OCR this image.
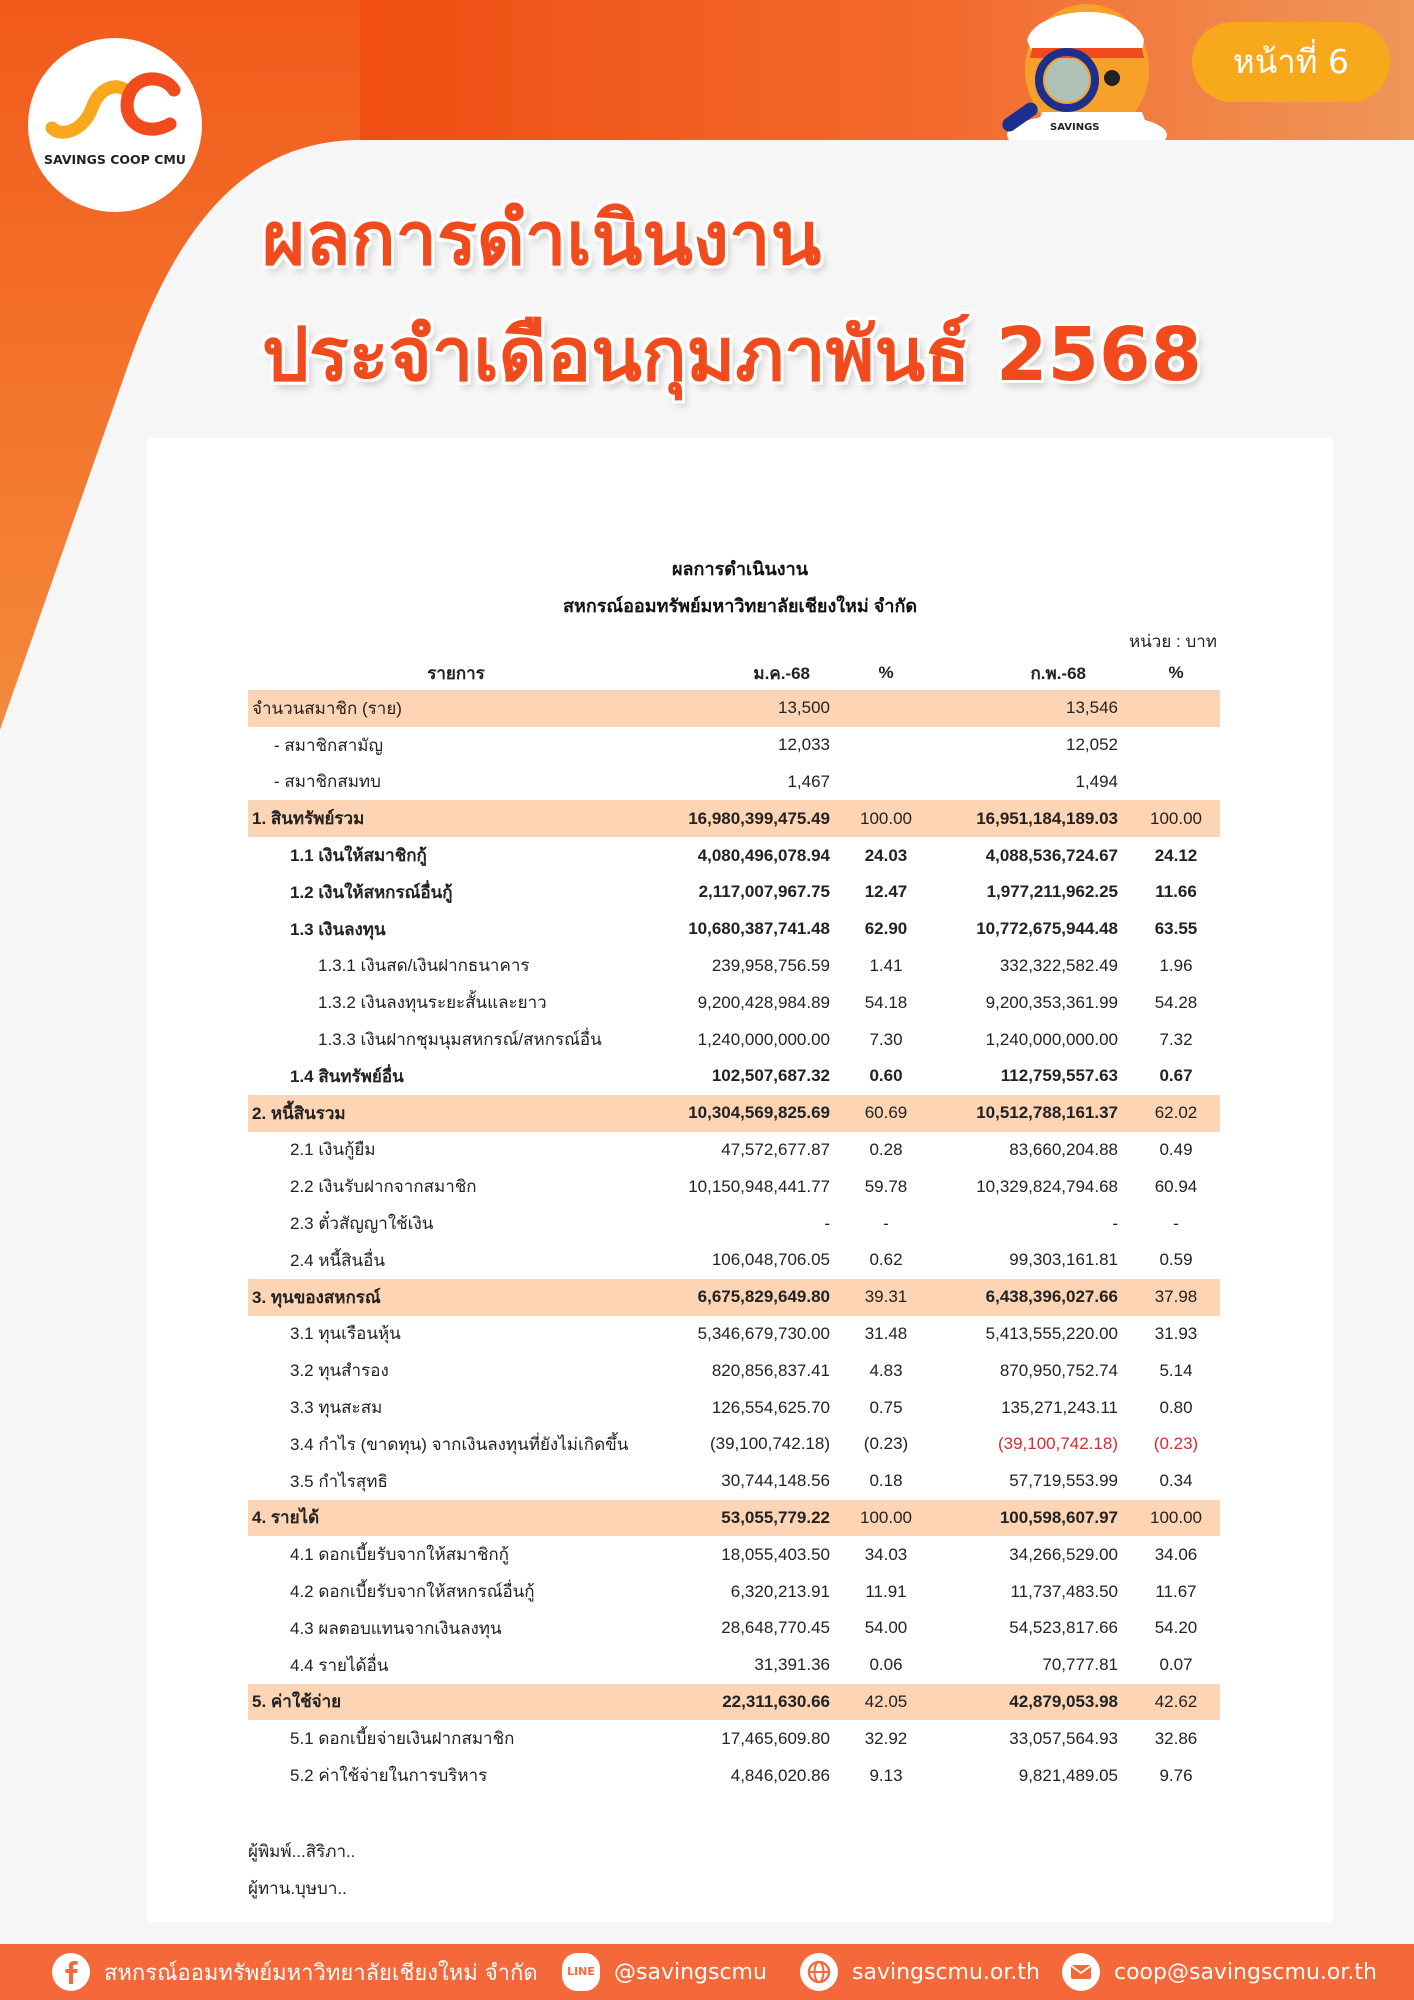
SAVINGS COOP CMU
SAVINGS
หน้าที่ 6
ผลการดำเนินงาน
ประจำเดือนกุมภาพันธ์ 2568
ผลการดำเนินงาน
สหกรณ์ออมทรัพย์มหาวิทยาลัยเชียงใหม่ จำกัด
หน่วย : บาท
รายการ	ม.ค.-68	%	ก.พ.-68	%
จำนวนสมาชิก (ราย)	13,500		13,546	
- สมาชิกสามัญ	12,033		12,052	
- สมาชิกสมทบ	1,467		1,494	
1. สินทรัพย์รวม	16,980,399,475.49	100.00	16,951,184,189.03	100.00
1.1 เงินให้สมาชิกกู้	4,080,496,078.94	24.03	4,088,536,724.67	24.12
1.2 เงินให้สหกรณ์อื่นกู้	2,117,007,967.75	12.47	1,977,211,962.25	11.66
1.3 เงินลงทุน	10,680,387,741.48	62.90	10,772,675,944.48	63.55
1.3.1 เงินสด/เงินฝากธนาคาร	239,958,756.59	1.41	332,322,582.49	1.96
1.3.2 เงินลงทุนระยะสั้นและยาว	9,200,428,984.89	54.18	9,200,353,361.99	54.28
1.3.3 เงินฝากชุมนุมสหกรณ์/สหกรณ์อื่น	1,240,000,000.00	7.30	1,240,000,000.00	7.32
1.4 สินทรัพย์อื่น	102,507,687.32	0.60	112,759,557.63	0.67
2. หนี้สินรวม	10,304,569,825.69	60.69	10,512,788,161.37	62.02
2.1 เงินกู้ยืม	47,572,677.87	0.28	83,660,204.88	0.49
2.2 เงินรับฝากจากสมาชิก	10,150,948,441.77	59.78	10,329,824,794.68	60.94
2.3 ตั๋วสัญญาใช้เงิน	-	-	-	-
2.4 หนี้สินอื่น	106,048,706.05	0.62	99,303,161.81	0.59
3. ทุนของสหกรณ์	6,675,829,649.80	39.31	6,438,396,027.66	37.98
3.1 ทุนเรือนหุ้น	5,346,679,730.00	31.48	5,413,555,220.00	31.93
3.2 ทุนสำรอง	820,856,837.41	4.83	870,950,752.74	5.14
3.3 ทุนสะสม	126,554,625.70	0.75	135,271,243.11	0.80
3.4 กำไร (ขาดทุน) จากเงินลงทุนที่ยังไม่เกิดขึ้น	(39,100,742.18)	(0.23)	(39,100,742.18)	(0.23)
3.5 กำไรสุทธิ	30,744,148.56	0.18	57,719,553.99	0.34
4. รายได้	53,055,779.22	100.00	100,598,607.97	100.00
4.1 ดอกเบี้ยรับจากให้สมาชิกกู้	18,055,403.50	34.03	34,266,529.00	34.06
4.2 ดอกเบี้ยรับจากให้สหกรณ์อื่นกู้	6,320,213.91	11.91	11,737,483.50	11.67
4.3 ผลตอบแทนจากเงินลงทุน	28,648,770.45	54.00	54,523,817.66	54.20
4.4 รายได้อื่น	31,391.36	0.06	70,777.81	0.07
5. ค่าใช้จ่าย	22,311,630.66	42.05	42,879,053.98	42.62
5.1 ดอกเบี้ยจ่ายเงินฝากสมาชิก	17,465,609.80	32.92	33,057,564.93	32.86
5.2 ค่าใช้จ่ายในการบริหาร	4,846,020.86	9.13	9,821,489.05	9.76
ผู้พิมพ์...สิริภา..
ผู้ทาน.บุษบา..
สหกรณ์ออมทรัพย์มหาวิทยาลัยเชียงใหม่ จำกัด	LINE @savingscmu	savingscmu.or.th	coop@savingscmu.or.th
